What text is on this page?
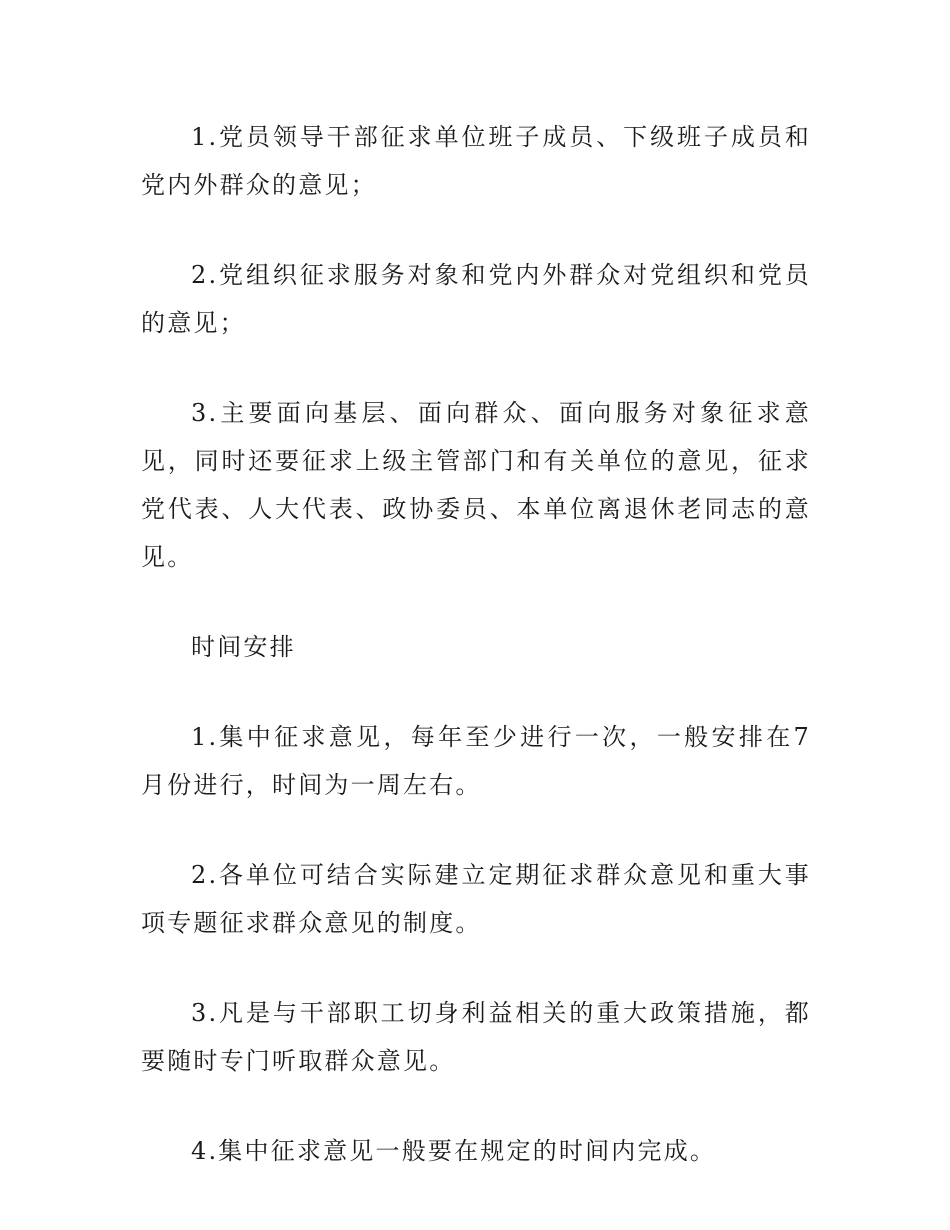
1.党员领导干部征求单位班子成员、下级班子成员和党内外群众的意见；

2.党组织征求服务对象和党内外群众对党组织和党员的意见；

3.主要面向基层、面向群众、面向服务对象征求意见，同时还要征求上级主管部门和有关单位的意见，征求党代表、人大代表、政协委员、本单位离退休老同志的意见。

时间安排

1.集中征求意见，每年至少进行一次，一般安排在7月份进行，时间为一周左右。

2.各单位可结合实际建立定期征求群众意见和重大事项专题征求群众意见的制度。

3.凡是与干部职工切身利益相关的重大政策措施，都要随时专门听取群众意见。

4.集中征求意见一般要在规定的时间内完成。
